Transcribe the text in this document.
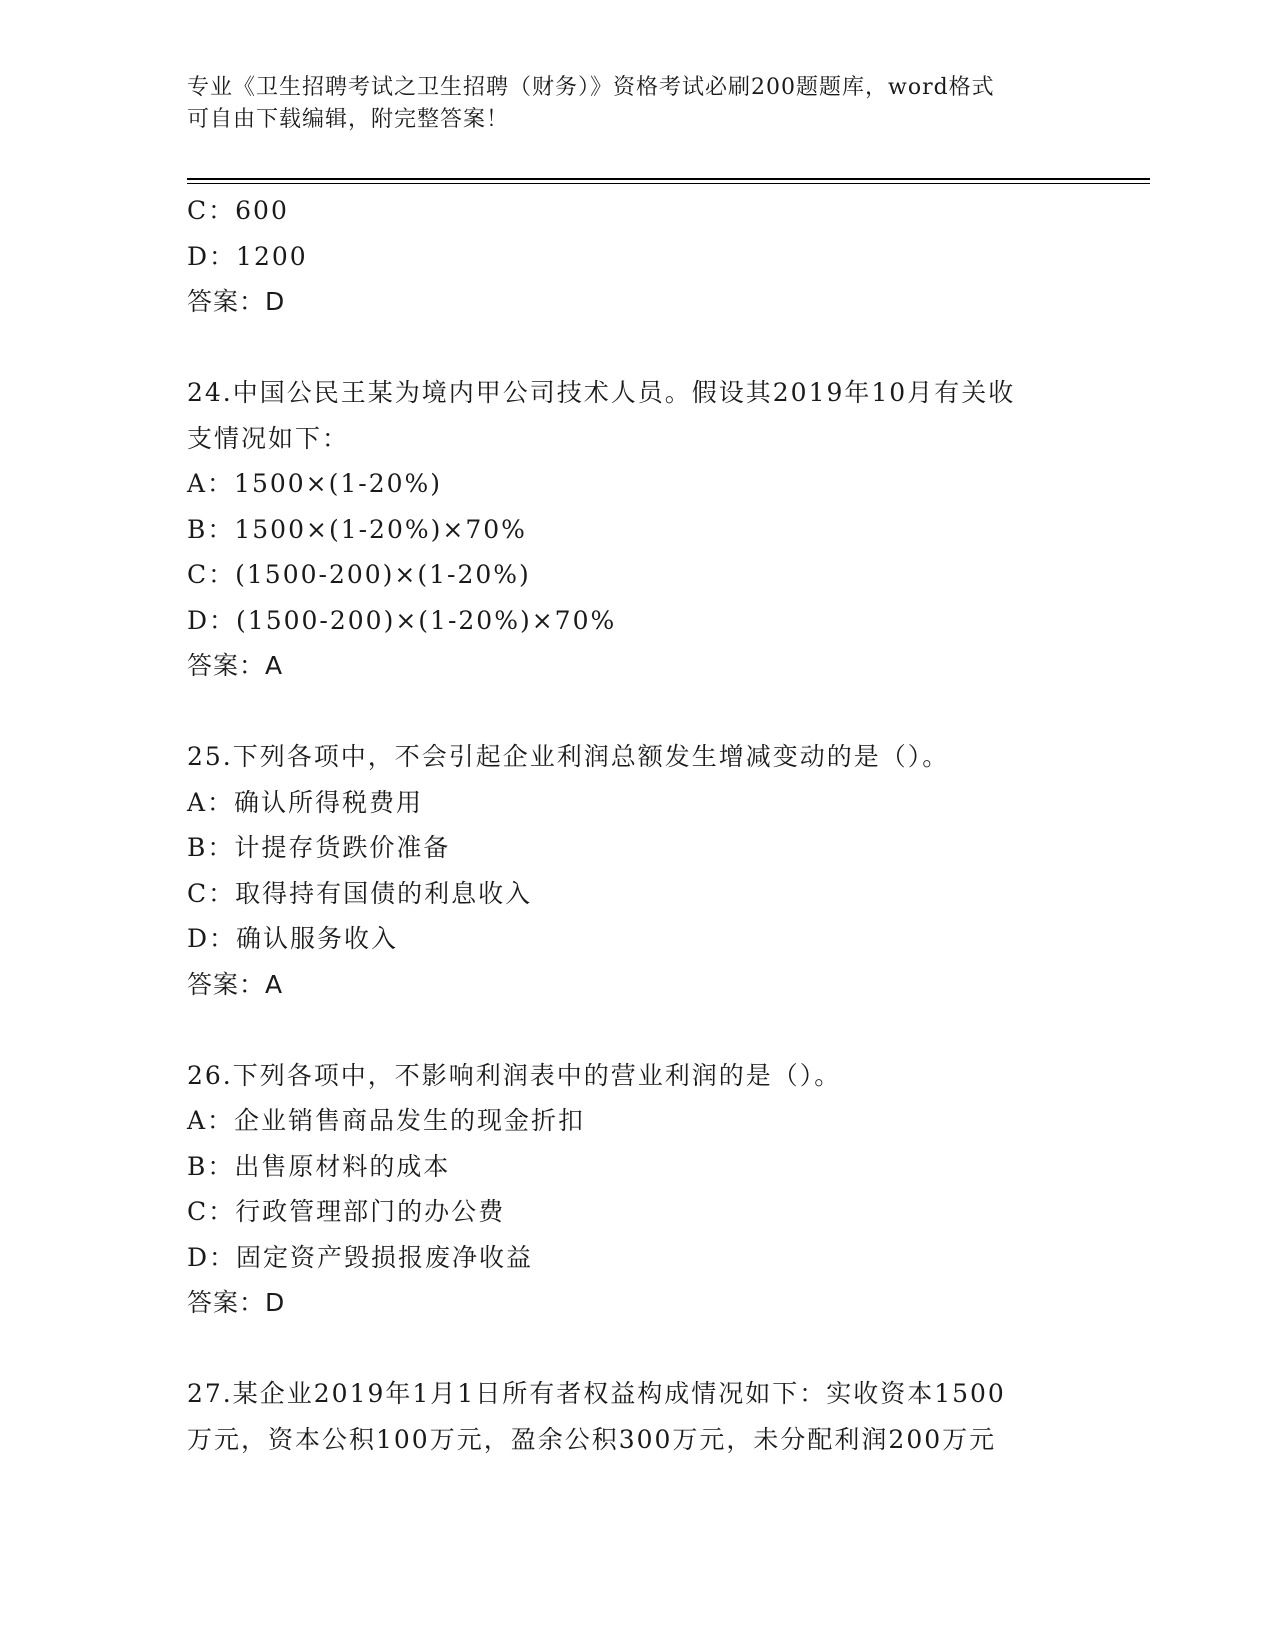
专业《卫生招聘考试之卫生招聘（财务）》资格考试必刷200题题库，word格式
可自由下载编辑，附完整答案！
C：600
D：1200
答案：D
24.中国公民王某为境内甲公司技术人员。假设其2019年10月有关收
支情况如下：
A：1500×(1-20%)
B：1500×(1-20%)×70%
C：(1500-200)×(1-20%)
D：(1500-200)×(1-20%)×70%
答案：A
25.下列各项中，不会引起企业利润总额发生增减变动的是（）。
A：确认所得税费用
B：计提存货跌价准备
C：取得持有国债的利息收入
D：确认服务收入
答案：A
26.下列各项中，不影响利润表中的营业利润的是（）。
A：企业销售商品发生的现金折扣
B：出售原材料的成本
C：行政管理部门的办公费
D：固定资产毁损报废净收益
答案：D
27.某企业2019年1月1日所有者权益构成情况如下：实收资本1500
万元，资本公积100万元，盈余公积300万元，未分配利润200万元
